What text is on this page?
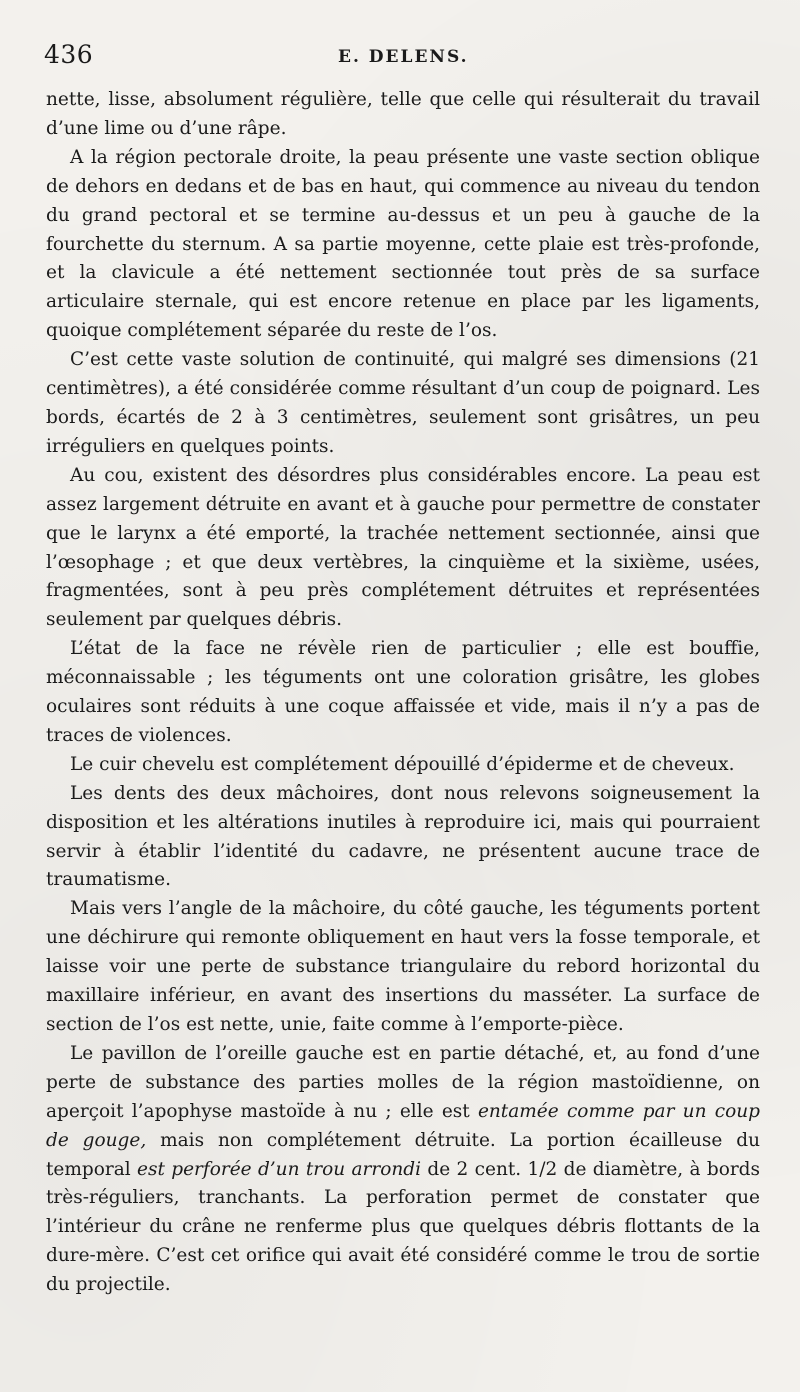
436	E. DELENS.

nette, lisse, absolument régulière, telle que celle qui résulterait du travail d’une lime ou d’une râpe.

A la région pectorale droite, la peau présente une vaste section oblique de dehors en dedans et de bas en haut, qui commence au niveau du tendon du grand pectoral et se termine au-dessus et un peu à gauche de la fourchette du sternum. A sa partie moyenne, cette plaie est très-profonde, et la clavicule a été nettement sectionnée tout près de sa surface articulaire sternale, qui est encore retenue en place par les ligaments, quoique complétement séparée du reste de l’os.

C’est cette vaste solution de continuité, qui malgré ses dimensions (21 centimètres), a été considérée comme résultant d’un coup de poignard. Les bords, écartés de 2 à 3 centimètres, seulement sont grisâtres, un peu irréguliers en quelques points.

Au cou, existent des désordres plus considérables encore. La peau est assez largement détruite en avant et à gauche pour permettre de constater que le larynx a été emporté, la trachée nettement sectionnée, ainsi que l’œsophage ; et que deux vertèbres, la cinquième et la sixième, usées, fragmentées, sont à peu près complétement détruites et représentées seulement par quelques débris.

L’état de la face ne révèle rien de particulier ; elle est bouffie, méconnaissable ; les téguments ont une coloration grisâtre, les globes oculaires sont réduits à une coque affaissée et vide, mais il n’y a pas de traces de violences.

Le cuir chevelu est complétement dépouillé d’épiderme et de cheveux.

Les dents des deux mâchoires, dont nous relevons soigneusement la disposition et les altérations inutiles à reproduire ici, mais qui pourraient servir à établir l’identité du cadavre, ne présentent aucune trace de traumatisme.

Mais vers l’angle de la mâchoire, du côté gauche, les téguments portent une déchirure qui remonte obliquement en haut vers la fosse temporale, et laisse voir une perte de substance triangulaire du rebord horizontal du maxillaire inférieur, en avant des insertions du masséter. La surface de section de l’os est nette, unie, faite comme à l’emporte-pièce.

Le pavillon de l’oreille gauche est en partie détaché, et, au fond d’une perte de substance des parties molles de la région mastoïdienne, on aperçoit l’apophyse mastoïde à nu ; elle est entamée comme par un coup de gouge, mais non complétement détruite. La portion écailleuse du temporal est perforée d’un trou arrondi de 2 cent. 1/2 de diamètre, à bords très-réguliers, tranchants. La perforation permet de constater que l’intérieur du crâne ne renferme plus que quelques débris flottants de la dure-mère. C’est cet orifice qui avait été considéré comme le trou de sortie du projectile.
